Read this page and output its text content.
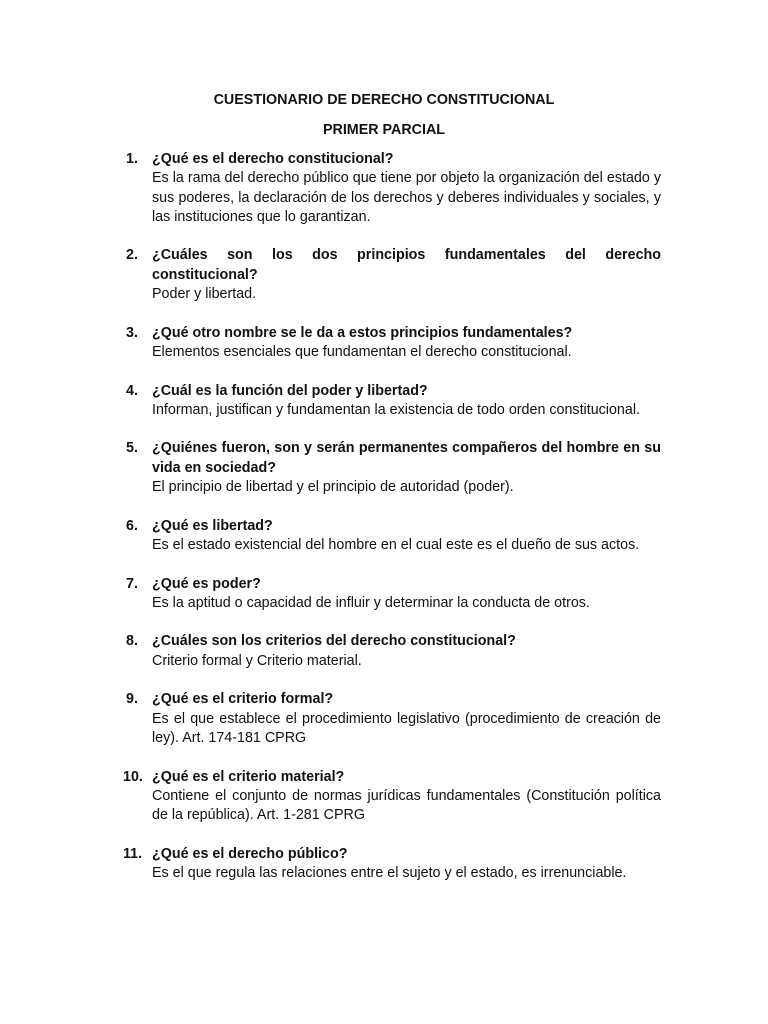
CUESTIONARIO DE DERECHO CONSTITUCIONAL
PRIMER PARCIAL
1. ¿Qué es el derecho constitucional?
Es la rama del derecho público que tiene por objeto la organización del estado y sus poderes, la declaración de los derechos y deberes individuales y sociales, y las instituciones que lo garantizan.
2. ¿Cuáles son los dos principios fundamentales del derecho constitucional?
Poder y libertad.
3. ¿Qué otro nombre se le da a estos principios fundamentales?
Elementos esenciales que fundamentan el derecho constitucional.
4. ¿Cuál es la función del poder y libertad?
Informan, justifican y fundamentan la existencia de todo orden constitucional.
5. ¿Quiénes fueron, son y serán permanentes compañeros del hombre en su vida en sociedad?
El principio de libertad y el principio de autoridad (poder).
6. ¿Qué es libertad?
Es el estado existencial del hombre en el cual este es el dueño de sus actos.
7. ¿Qué es poder?
Es la aptitud o capacidad de influir y determinar la conducta de otros.
8. ¿Cuáles son los criterios del derecho constitucional?
Criterio formal y Criterio material.
9. ¿Qué es el criterio formal?
Es el que establece el procedimiento legislativo (procedimiento de creación de ley). Art. 174-181 CPRG
10. ¿Qué es el criterio material?
Contiene el conjunto de normas jurídicas fundamentales (Constitución política de la república). Art. 1-281 CPRG
11. ¿Qué es el derecho público?
Es el que regula las relaciones entre el sujeto y el estado, es irrenunciable.
